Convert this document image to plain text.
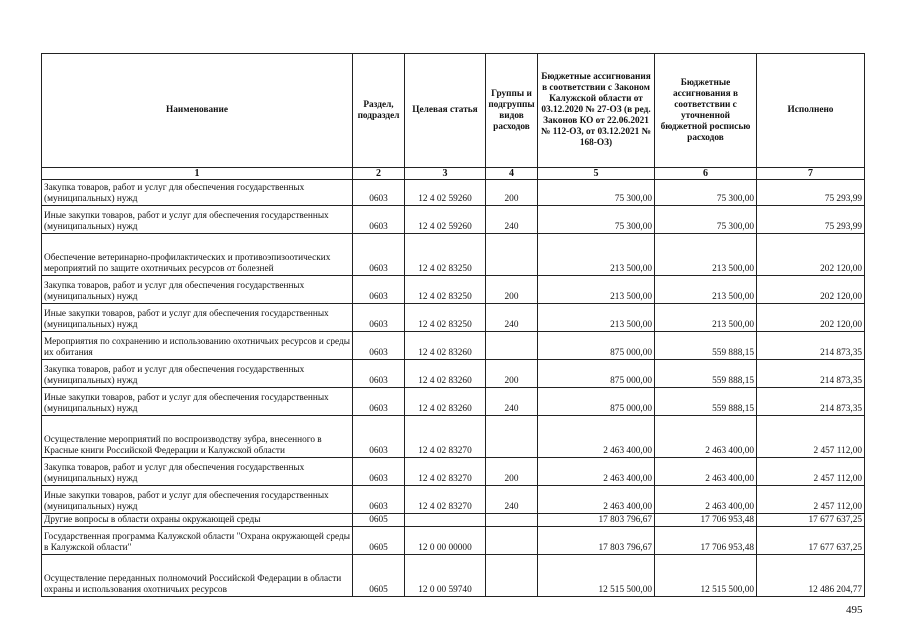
Наименование	Раздел, подраздел	Целевая статья	Группы и подгруппы видов расходов	Бюджетные ассигнования в соответствии с Законом Калужской области от 03.12.2020 № 27-ОЗ (в ред. Законов КО от 22.06.2021 № 112-ОЗ, от 03.12.2021 № 168-ОЗ)	Бюджетные ассигнования в соответствии с уточненной бюджетной росписью расходов	Исполнено
1	2	3	4	5	6	7
Закупка товаров, работ и услуг для обеспечения государственных (муниципальных) нужд	0603	12 4 02 59260	200	75 300,00	75 300,00	75 293,99
Иные закупки товаров, работ и услуг для обеспечения государственных (муниципальных) нужд	0603	12 4 02 59260	240	75 300,00	75 300,00	75 293,99
Обеспечение ветеринарно-профилактических и противоэпизоотических мероприятий по защите охотничьих ресурсов от болезней	0603	12 4 02 83250		213 500,00	213 500,00	202 120,00
Закупка товаров, работ и услуг для обеспечения государственных (муниципальных) нужд	0603	12 4 02 83250	200	213 500,00	213 500,00	202 120,00
Иные закупки товаров, работ и услуг для обеспечения государственных (муниципальных) нужд	0603	12 4 02 83250	240	213 500,00	213 500,00	202 120,00
Мероприятия по сохранению и использованию охотничьих ресурсов и среды их обитания	0603	12 4 02 83260		875 000,00	559 888,15	214 873,35
Закупка товаров, работ и услуг для обеспечения государственных (муниципальных) нужд	0603	12 4 02 83260	200	875 000,00	559 888,15	214 873,35
Иные закупки товаров, работ и услуг для обеспечения государственных (муниципальных) нужд	0603	12 4 02 83260	240	875 000,00	559 888,15	214 873,35
Осуществление мероприятий по воспроизводству зубра, внесенного в Красные книги Российской Федерации и Калужской области	0603	12 4 02 83270		2 463 400,00	2 463 400,00	2 457 112,00
Закупка товаров, работ и услуг для обеспечения государственных (муниципальных) нужд	0603	12 4 02 83270	200	2 463 400,00	2 463 400,00	2 457 112,00
Иные закупки товаров, работ и услуг для обеспечения государственных (муниципальных) нужд	0603	12 4 02 83270	240	2 463 400,00	2 463 400,00	2 457 112,00
Другие вопросы в области охраны окружающей среды	0605			17 803 796,67	17 706 953,48	17 677 637,25
Государственная программа Калужской области "Охрана окружающей среды в Калужской области"	0605	12 0 00 00000		17 803 796,67	17 706 953,48	17 677 637,25
Осуществление переданных полномочий Российской Федерации в области охраны и использования охотничьих ресурсов	0605	12 0 00 59740		12 515 500,00	12 515 500,00	12 486 204,77
495
